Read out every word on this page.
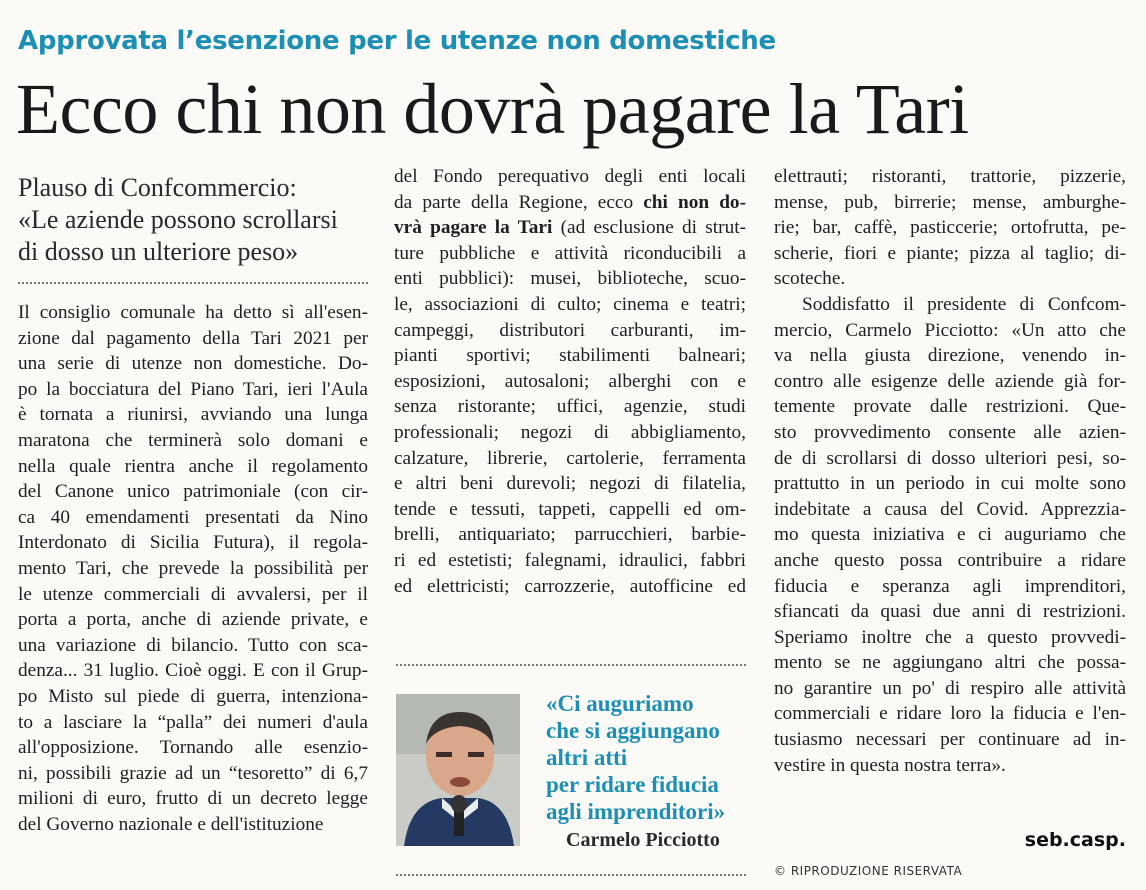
Approvata l’esenzione per le utenze non domestiche
Ecco chi non dovrà pagare la Tari
Plauso di Confcommercio:
«Le aziende possono scrollarsi
di dosso un ulteriore peso»
Il consiglio comunale ha detto sì all'esen-
zione dal pagamento della Tari 2021 per
una serie di utenze non domestiche. Do-
po la bocciatura del Piano Tari, ieri l'Aula
è tornata a riunirsi, avviando una lunga
maratona che terminerà solo domani e
nella quale rientra anche il regolamento
del Canone unico patrimoniale (con cir-
ca 40 emendamenti presentati da Nino
Interdonato di Sicilia Futura), il regola-
mento Tari, che prevede la possibilità per
le utenze commerciali di avvalersi, per il
porta a porta, anche di aziende private, e
una variazione di bilancio. Tutto con sca-
denza... 31 luglio. Cioè oggi. E con il Grup-
po Misto sul piede di guerra, intenziona-
to a lasciare la “palla” dei numeri d'aula
all'opposizione. Tornando alle esenzio-
ni, possibili grazie ad un “tesoretto” di 6,7
milioni di euro, frutto di un decreto legge
del Governo nazionale e dell'istituzione
del Fondo perequativo degli enti locali
da parte della Regione, ecco chi non do-
vrà pagare la Tari (ad esclusione di strut-
ture pubbliche e attività riconducibili a
enti pubblici): musei, biblioteche, scuo-
le, associazioni di culto; cinema e teatri;
campeggi, distributori carburanti, im-
pianti sportivi; stabilimenti balneari;
esposizioni, autosaloni; alberghi con e
senza ristorante; uffici, agenzie, studi
professionali; negozi di abbigliamento,
calzature, librerie, cartolerie, ferramenta
e altri beni durevoli; negozi di filatelia,
tende e tessuti, tappeti, cappelli ed om-
brelli, antiquariato; parrucchieri, barbie-
ri ed estetisti; falegnami, idraulici, fabbri
ed elettricisti; carrozzerie, autofficine ed
«Ci auguriamo
che si aggiungano
altri atti
per ridare fiducia
agli imprenditori»
Carmelo Picciotto
elettrauti; ristoranti, trattorie, pizzerie,
mense, pub, birrerie; mense, amburghe-
rie; bar, caffè, pasticcerie; ortofrutta, pe-
scherie, fiori e piante; pizza al taglio; di-
scoteche.
Soddisfatto il presidente di Confcom-
mercio, Carmelo Picciotto: «Un atto che
va nella giusta direzione, venendo in-
contro alle esigenze delle aziende già for-
temente provate dalle restrizioni. Que-
sto provvedimento consente alle azien-
de di scrollarsi di dosso ulteriori pesi, so-
prattutto in un periodo in cui molte sono
indebitate a causa del Covid. Apprezzia-
mo questa iniziativa e ci auguriamo che
anche questo possa contribuire a ridare
fiducia e speranza agli imprenditori,
sfiancati da quasi due anni di restrizioni.
Speriamo inoltre che a questo provvedi-
mento se ne aggiungano altri che possa-
no garantire un po' di respiro alle attività
commerciali e ridare loro la fiducia e l'en-
tusiasmo necessari per continuare ad in-
vestire in questa nostra terra».
seb.casp.
© RIPRODUZIONE RISERVATA
